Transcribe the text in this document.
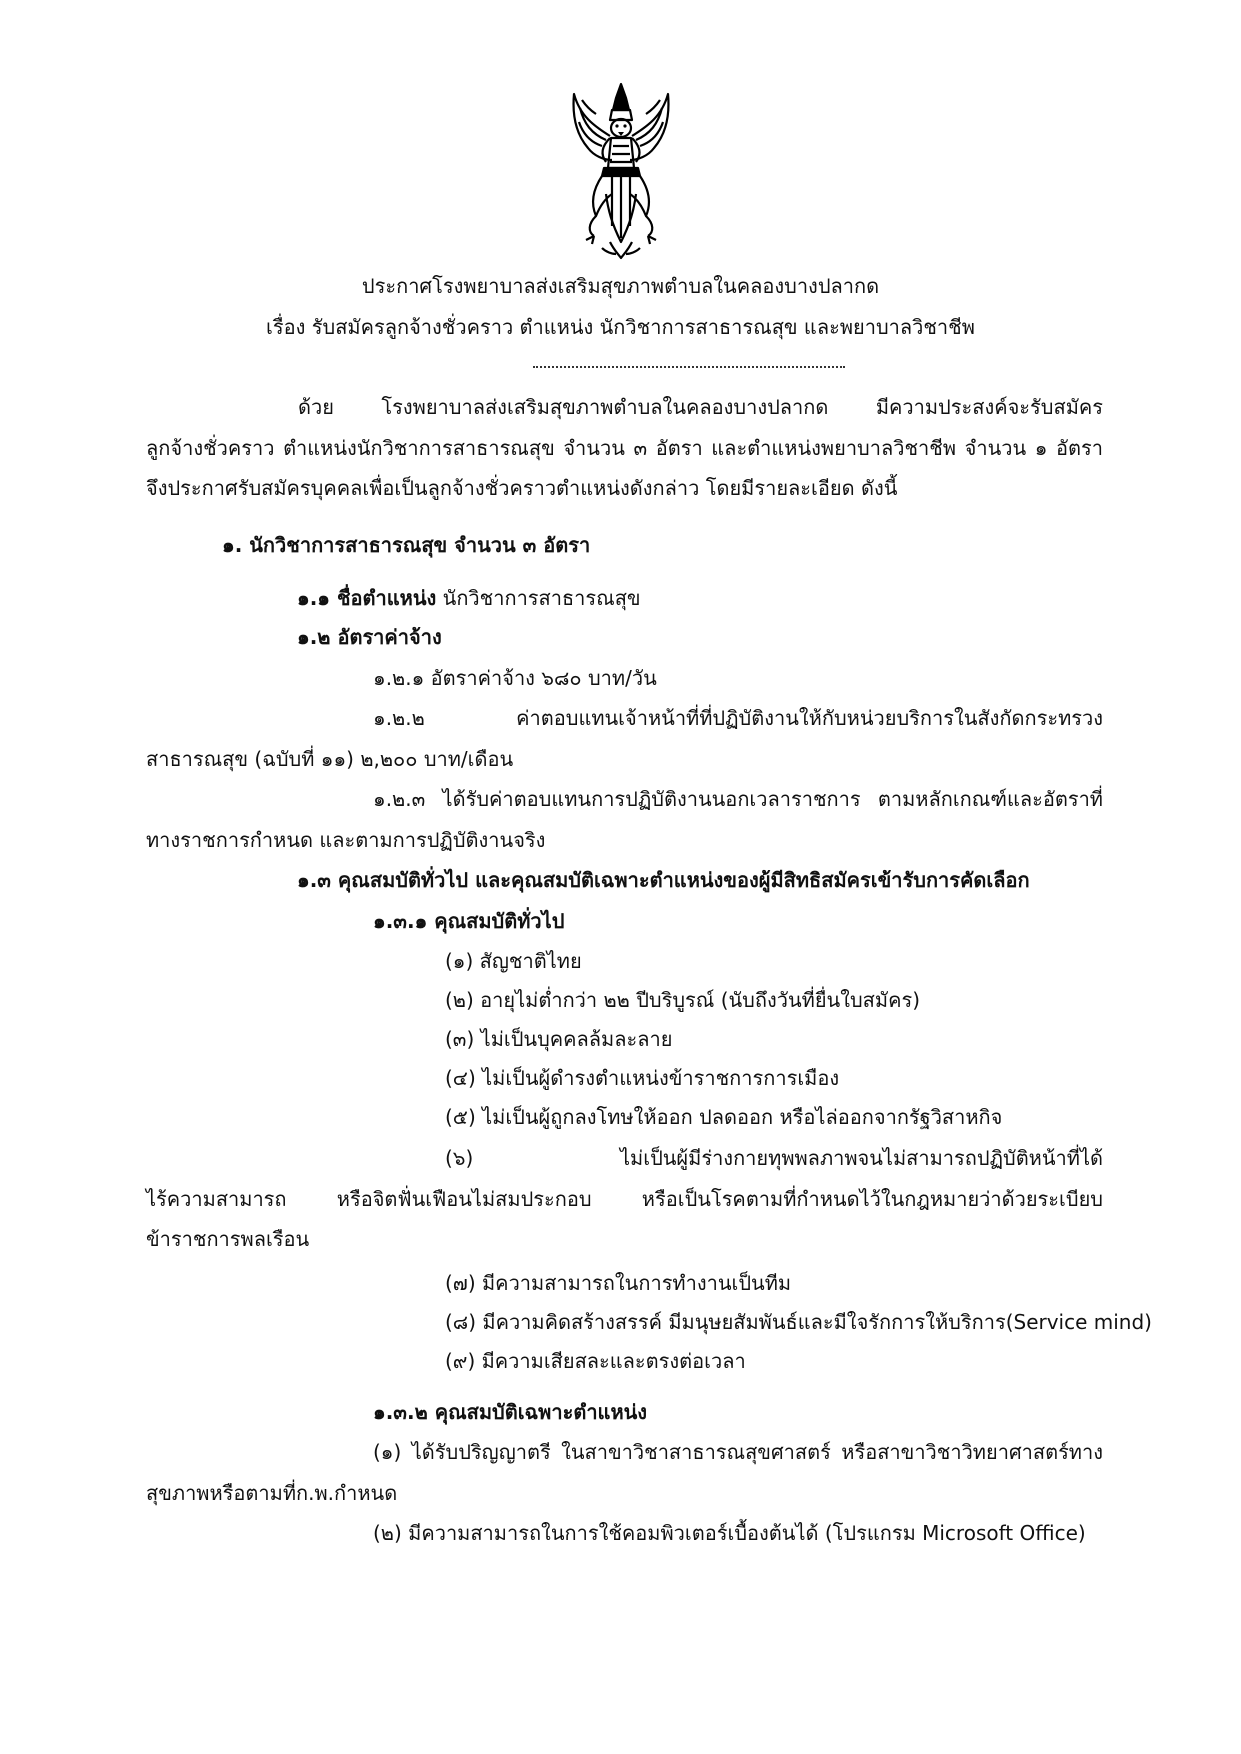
ประกาศโรงพยาบาลส่งเสริมสุขภาพตำบลในคลองบางปลากด
เรื่อง รับสมัครลูกจ้างชั่วคราว ตำแหน่ง นักวิชาการสาธารณสุข และพยาบาลวิชาชีพ
ด้วย โรงพยาบาลส่งเสริมสุขภาพตำบลในคลองบางปลากด มีความประสงค์จะรับสมัคร
ลูกจ้างชั่วคราว ตำแหน่งนักวิชาการสาธารณสุข จำนวน ๓ อัตรา และตำแหน่งพยาบาลวิชาชีพ จำนวน ๑ อัตรา
จึงประกาศรับสมัครบุคคลเพื่อเป็นลูกจ้างชั่วคราวตำแหน่งดังกล่าว โดยมีรายละเอียด ดังนี้
๑. นักวิชาการสาธารณสุข จำนวน ๓ อัตรา
๑.๑ ชื่อตำแหน่ง นักวิชาการสาธารณสุข
๑.๒ อัตราค่าจ้าง
๑.๒.๑ อัตราค่าจ้าง ๖๘๐ บาท/วัน
๑.๒.๒ ค่าตอบแทนเจ้าหน้าที่ที่ปฏิบัติงานให้กับหน่วยบริการในสังกัดกระทรวง
สาธารณสุข (ฉบับที่ ๑๑) ๒,๒๐๐ บาท/เดือน
๑.๒.๓ ได้รับค่าตอบแทนการปฏิบัติงานนอกเวลาราชการ ตามหลักเกณฑ์และอัตราที่
ทางราชการกำหนด และตามการปฏิบัติงานจริง
๑.๓ คุณสมบัติทั่วไป และคุณสมบัติเฉพาะตำแหน่งของผู้มีสิทธิสมัครเข้ารับการคัดเลือก
๑.๓.๑ คุณสมบัติทั่วไป
(๑) สัญชาติไทย
(๒) อายุไม่ต่ำกว่า ๒๒ ปีบริบูรณ์ (นับถึงวันที่ยื่นใบสมัคร)
(๓) ไม่เป็นบุคคลล้มละลาย
(๔) ไม่เป็นผู้ดำรงตำแหน่งข้าราชการการเมือง
(๕) ไม่เป็นผู้ถูกลงโทษให้ออก ปลดออก หรือไล่ออกจากรัฐวิสาหกิจ
(๖) ไม่เป็นผู้มีร่างกายทุพพลภาพจนไม่สามารถปฏิบัติหน้าที่ได้
ไร้ความสามารถ หรือจิตฟั่นเฟือนไม่สมประกอบ หรือเป็นโรคตามที่กำหนดไว้ในกฎหมายว่าด้วยระเบียบ
ข้าราชการพลเรือน
(๗) มีความสามารถในการทำงานเป็นทีม
(๘) มีความคิดสร้างสรรค์ มีมนุษยสัมพันธ์และมีใจรักการให้บริการ(Service mind)
(๙) มีความเสียสละและตรงต่อเวลา
๑.๓.๒ คุณสมบัติเฉพาะตำแหน่ง
(๑) ได้รับปริญญาตรี ในสาขาวิชาสาธารณสุขศาสตร์ หรือสาขาวิชาวิทยาศาสตร์ทาง
สุขภาพหรือตามที่ก.พ.กำหนด
(๒) มีความสามารถในการใช้คอมพิวเตอร์เบื้องต้นได้ (โปรแกรม Microsoft Office)
